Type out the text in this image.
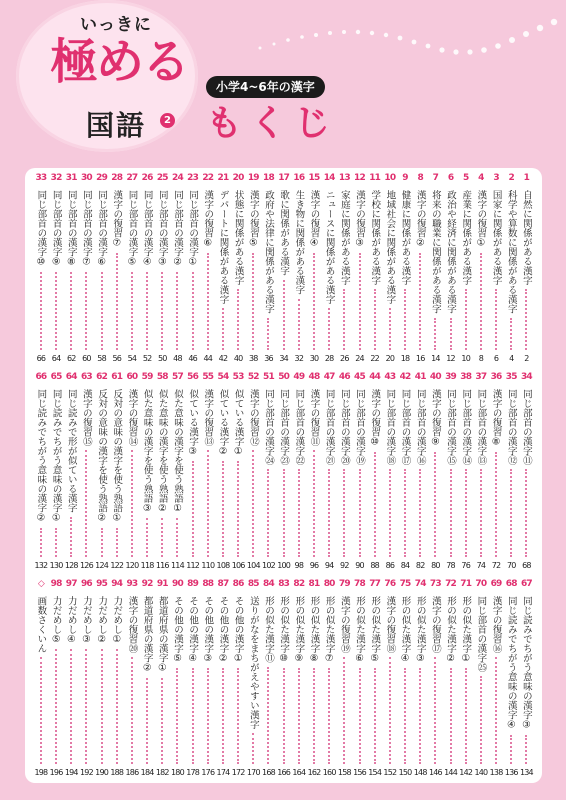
いっきに
極める
国語	2
小学4~6年の漢字
もくじ
1
自然に関係がある漢字
2
2
科学や算数に関係がある漢字
4
3
国家に関係がある漢字
6
4
漢字の復習①
8
5
産業に関係がある漢字
10
6
政治や経済に関係がある漢字
12
7
将来の職業に関係がある漢字
14
8
漢字の復習②
16
9
健康に関係がある漢字
18
10
地域社会に関係がある漢字
20
11
学校に関係がある漢字
22
12
漢字の復習③
24
13
家庭に関係がある漢字
26
14
ニュースに関係がある漢字
28
15
漢字の復習④
30
16
生き物に関係がある漢字
32
17
歌に関係がある漢字
34
18
政府や法律に関係がある漢字
36
19
漢字の復習⑤
38
20
状態に関係がある漢字
40
21
デパートに関係がある漢字
42
22
漢字の復習⑥
44
23
同じ部首の漢字①
46
24
同じ部首の漢字②
48
25
同じ部首の漢字③
50
26
同じ部首の漢字④
52
27
同じ部首の漢字⑤
54
28
漢字の復習⑦
56
29
同じ部首の漢字⑥
58
30
同じ部首の漢字⑦
60
31
同じ部首の漢字⑧
62
32
同じ部首の漢字⑨
64
33
同じ部首の漢字⑩
66
34
同じ部首の漢字⑪
68
35
同じ部首の漢字⑫
70
36
漢字の復習⑧
72
37
同じ部首の漢字⑬
74
38
同じ部首の漢字⑭
76
39
同じ部首の漢字⑮
78
40
漢字の復習⑨
80
41
同じ部首の漢字⑯
82
42
同じ部首の漢字⑰
84
43
同じ部首の漢字⑱
86
44
漢字の復習⑩
88
45
同じ部首の漢字⑲
90
46
同じ部首の漢字⑳
92
47
同じ部首の漢字㉑
94
48
漢字の復習⑪
96
49
同じ部首の漢字㉒
98
50
同じ部首の漢字㉓
100
51
同じ部首の漢字㉔
102
52
漢字の復習⑫
104
53
似ている漢字①
106
54
似ている漢字②
108
55
漢字の復習⑬
110
56
似ている漢字③
112
57
似た意味の漢字を使う熟語①
114
58
似た意味の漢字を使う熟語②
116
59
似た意味の漢字を使う熟語③
118
60
漢字の復習⑭
120
61
反対の意味の漢字を使う熟語①
122
62
反対の意味の漢字を使う熟語②
124
63
漢字の復習⑮
126
64
同じ読みで形が似ている漢字
128
65
同じ読みでちがう意味の漢字①
130
66
同じ読みでちがう意味の漢字②
132
67
同じ読みでちがう意味の漢字③
134
68
同じ読みでちがう意味の漢字④
136
69
漢字の復習⑯
138
70
同じ部首の漢字㉕
140
71
形の似た漢字①
142
72
形の似た漢字②
144
73
漢字の復習⑰
146
74
形の似た漢字③
148
75
形の似た漢字④
150
76
漢字の復習⑱
152
77
形の似た漢字⑤
154
78
形の似た漢字⑥
156
79
漢字の復習⑲
158
80
形の似た漢字⑦
160
81
形の似た漢字⑧
162
82
形の似た漢字⑨
164
83
形の似た漢字⑩
166
84
形の似た漢字⑪
168
85
送りがなをまちがえやすい漢字
170
86
その他の漢字①
172
87
その他の漢字②
174
88
その他の漢字③
176
89
その他の漢字④
178
90
その他の漢字⑤
180
91
都道府県の漢字①
182
92
都道府県の漢字②
184
93
漢字の復習⑳
186
94
力だめし①
188
95
力だめし②
190
96
力だめし③
192
97
力だめし④
194
98
力だめし⑤
196
◇
画数さくいん
198
